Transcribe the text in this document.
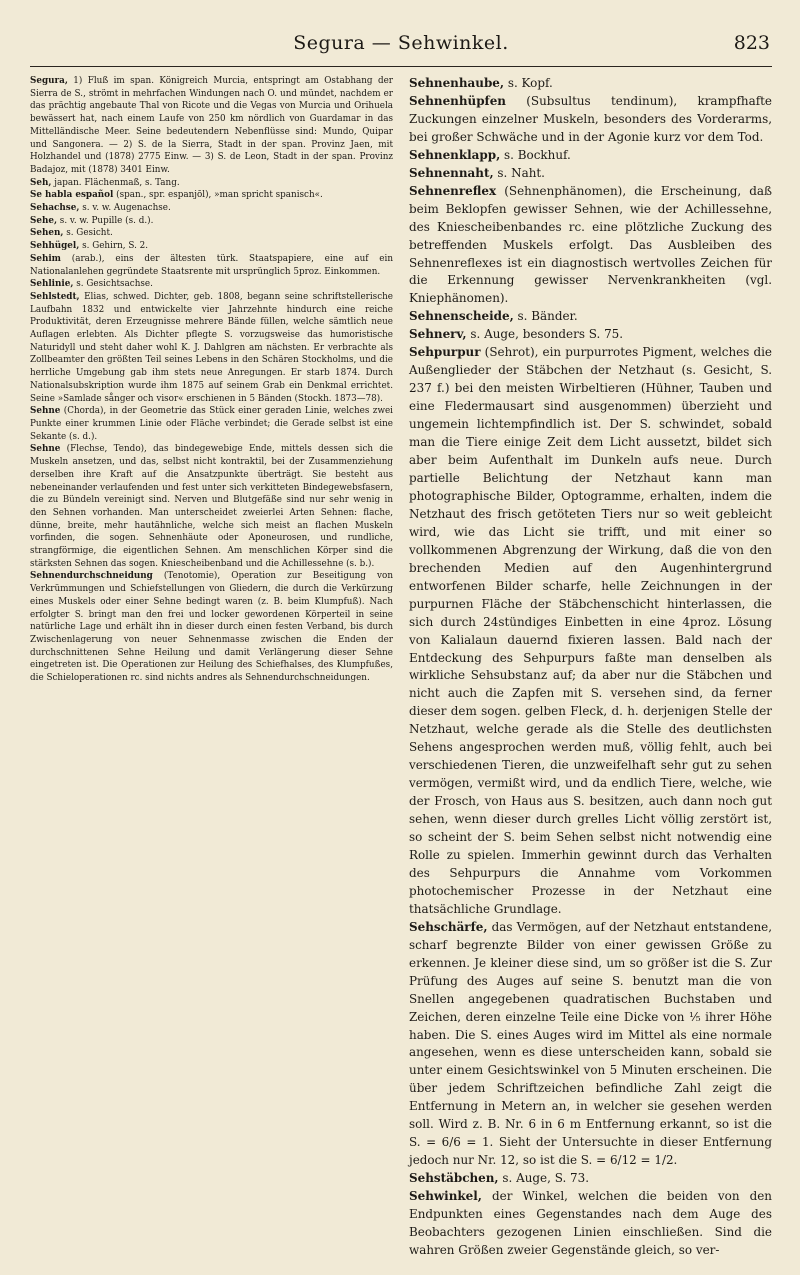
Segura — Sehwinkel.	823

Segura, 1) Fluß im span. Königreich Murcia, entspringt am Ostabhang der Sierra de S., strömt in mehrfachen Windungen nach O. und mündet, nachdem er das prächtig angebaute Thal von Ricote und die Vegas von Murcia und Orihuela bewässert hat, nach einem Laufe von 250 km nördlich von Guardamar in das Mittelländische Meer. Seine bedeutendern Nebenflüsse sind: Mundo, Quipar und Sangonera. — 2) S. de la Sierra, Stadt in der span. Provinz Jaen, mit Holzhandel und (1878) 2775 Einw. — 3) S. de Leon, Stadt in der span. Provinz Badajoz, mit (1878) 3401 Einw.

Seh, japan. Flächenmaß, s. Tang.

Se habla español (span., spr. espanjōl), »man spricht spanisch«.

Sehachse, s. v. w. Augenachse.

Sehe, s. v. w. Pupille (s. d.).

Sehen, s. Gesicht.

Sehhügel, s. Gehirn, S. 2.

Sehim (arab.), eins der ältesten türk. Staatspapiere, eine auf ein Nationalanlehen gegründete Staatsrente mit ursprünglich 5proz. Einkommen.

Sehlinie, s. Gesichtsachse.

Sehlstedt, Elias, schwed. Dichter, geb. 1808, begann seine schriftstellerische Laufbahn 1832 und entwickelte vier Jahrzehnte hindurch eine reiche Produktivität, deren Erzeugnisse mehrere Bände füllen, welche sämtlich neue Auflagen erlebten. Als Dichter pflegte S. vorzugsweise das humoristische Naturidyll und steht daher wohl K. J. Dahlgren am nächsten. Er verbrachte als Zollbeamter den größten Teil seines Lebens in den Schären Stockholms, und die herrliche Umgebung gab ihm stets neue Anregungen. Er starb 1874. Durch Nationalsubskription wurde ihm 1875 auf seinem Grab ein Denkmal errichtet. Seine »Samlade sånger och visor« erschienen in 5 Bänden (Stockh. 1873—78).

Sehne (Chorda), in der Geometrie das Stück einer geraden Linie, welches zwei Punkte einer krummen Linie oder Fläche verbindet; die Gerade selbst ist eine Sekante (s. d.).

Sehne (Flechse, Tendo), das bindegewebige Ende, mittels dessen sich die Muskeln ansetzen, und das, selbst nicht kontraktil, bei der Zusammenziehung derselben ihre Kraft auf die Ansatzpunkte überträgt. Sie besteht aus nebeneinander verlaufenden und fest unter sich verkitteten Bindegewebsfasern, die zu Bündeln vereinigt sind. Nerven und Blutgefäße sind nur sehr wenig in den Sehnen vorhanden. Man unterscheidet zweierlei Arten Sehnen: flache, dünne, breite, mehr hautähnliche, welche sich meist an flachen Muskeln vorfinden, die sogen. Sehnenhäute oder Aponeurosen, und rundliche, strangförmige, die eigentlichen Sehnen. Am menschlichen Körper sind die stärksten Sehnen das sogen. Kniescheibenband und die Achillessehne (s. b.).

Sehnendurchschneidung (Tenotomie), Operation zur Beseitigung von Verkrümmungen und Schiefstellungen von Gliedern, die durch die Verkürzung eines Muskels oder einer Sehne bedingt waren (z. B. beim Klumpfuß). Nach erfolgter S. bringt man den frei und locker gewordenen Körperteil in seine natürliche Lage und erhält ihn in dieser durch einen festen Verband, bis durch Zwischenlagerung von neuer Sehnenmasse zwischen die Enden der durchschnittenen Sehne Heilung und damit Verlängerung dieser Sehne eingetreten ist. Die Operationen zur Heilung des Schiefhalses, des Klumpfußes, die Schieloperationen rc. sind nichts andres als Sehnendurchschneidungen.

Sehnenhaube, s. Kopf.

Sehnenhüpfen (Subsultus tendinum), krampfhafte Zuckungen einzelner Muskeln, besonders des Vorderarms, bei großer Schwäche und in der Agonie kurz vor dem Tod.

Sehnenklapp, s. Bockhuf.

Sehnennaht, s. Naht.

Sehnenreflex (Sehnenphänomen), die Erscheinung, daß beim Beklopfen gewisser Sehnen, wie der Achillessehne, des Kniescheibenbandes rc. eine plötzliche Zuckung des betreffenden Muskels erfolgt. Das Ausbleiben des Sehnenreflexes ist ein diagnostisch wertvolles Zeichen für die Erkennung gewisser Nervenkrankheiten (vgl. Kniephänomen).

Sehnenscheide, s. Bänder.

Sehnerv, s. Auge, besonders S. 75.

Sehpurpur (Sehrot), ein purpurrotes Pigment, welches die Außenglieder der Stäbchen der Netzhaut (s. Gesicht, S. 237 f.) bei den meisten Wirbeltieren (Hühner, Tauben und eine Fledermausart sind ausgenommen) überzieht und ungemein lichtempfindlich ist. Der S. schwindet, sobald man die Tiere einige Zeit dem Licht aussetzt, bildet sich aber beim Aufenthalt im Dunkeln aufs neue. Durch partielle Belichtung der Netzhaut kann man photographische Bilder, Optogramme, erhalten, indem die Netzhaut des frisch getöteten Tiers nur so weit gebleicht wird, wie das Licht sie trifft, und mit einer so vollkommenen Abgrenzung der Wirkung, daß die von den brechenden Medien auf den Augenhintergrund entworfenen Bilder scharfe, helle Zeichnungen in der purpurnen Fläche der Stäbchenschicht hinterlassen, die sich durch 24stündiges Einbetten in eine 4proz. Lösung von Kalialaun dauernd fixieren lassen. Bald nach der Entdeckung des Sehpurpurs faßte man denselben als wirkliche Sehsubstanz auf; da aber nur die Stäbchen und nicht auch die Zapfen mit S. versehen sind, da ferner dieser dem sogen. gelben Fleck, d. h. derjenigen Stelle der Netzhaut, welche gerade als die Stelle des deutlichsten Sehens angesprochen werden muß, völlig fehlt, auch bei verschiedenen Tieren, die unzweifelhaft sehr gut zu sehen vermögen, vermißt wird, und da endlich Tiere, welche, wie der Frosch, von Haus aus S. besitzen, auch dann noch gut sehen, wenn dieser durch grelles Licht völlig zerstört ist, so scheint der S. beim Sehen selbst nicht notwendig eine Rolle zu spielen. Immerhin gewinnt durch das Verhalten des Sehpurpurs die Annahme vom Vorkommen photochemischer Prozesse in der Netzhaut eine thatsächliche Grundlage.

Sehschärfe, das Vermögen, auf der Netzhaut entstandene, scharf begrenzte Bilder von einer gewissen Größe zu erkennen. Je kleiner diese sind, um so größer ist die S. Zur Prüfung des Auges auf seine S. benutzt man die von Snellen angegebenen quadratischen Buchstaben und Zeichen, deren einzelne Teile eine Dicke von ⅕ ihrer Höhe haben. Die S. eines Auges wird im Mittel als eine normale angesehen, wenn es diese unterscheiden kann, sobald sie unter einem Gesichtswinkel von 5 Minuten erscheinen. Die über jedem Schriftzeichen befindliche Zahl zeigt die Entfernung in Metern an, in welcher sie gesehen werden soll. Wird z. B. Nr. 6 in 6 m Entfernung erkannt, so ist die S. = 6/6 = 1. Sieht der Untersuchte in dieser Entfernung jedoch nur Nr. 12, so ist die S. = 6/12 = 1/2.

Sehstäbchen, s. Auge, S. 73.

Sehwinkel, der Winkel, welchen die beiden von den Endpunkten eines Gegenstandes nach dem Auge des Beobachters gezogenen Linien einschließen. Sind die wahren Größen zweier Gegenstände gleich, so ver-
